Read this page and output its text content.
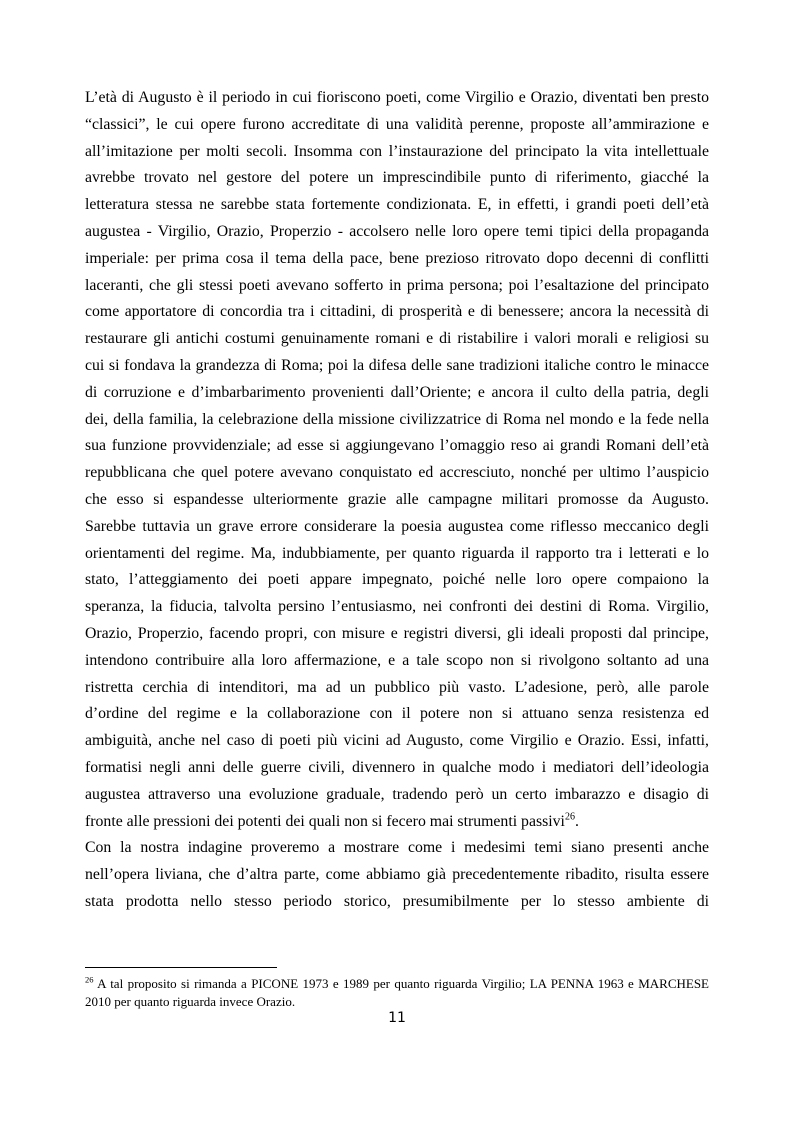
L’età di Augusto è il periodo in cui fioriscono poeti, come Virgilio e Orazio, diventati ben presto
“classici”, le cui opere furono accreditate di una validità perenne, proposte all’ammirazione e
all’imitazione per molti secoli. Insomma con l’instaurazione del principato la vita intellettuale
avrebbe trovato nel gestore del potere un imprescindibile punto di riferimento, giacché la
letteratura stessa ne sarebbe stata fortemente condizionata. E, in effetti, i grandi poeti dell’età
augustea - Virgilio, Orazio, Properzio - accolsero nelle loro opere temi tipici della propaganda
imperiale: per prima cosa il tema della pace, bene prezioso ritrovato dopo decenni di conflitti
laceranti, che gli stessi poeti avevano sofferto in prima persona; poi l’esaltazione del principato
come apportatore di concordia tra i cittadini, di prosperità e di benessere; ancora la necessità di
restaurare gli antichi costumi genuinamente romani e di ristabilire i valori morali e religiosi su
cui si fondava la grandezza di Roma; poi la difesa delle sane tradizioni italiche contro le minacce
di corruzione e d’imbarbarimento provenienti dall’Oriente; e ancora il culto della patria, degli
dei, della familia, la celebrazione della missione civilizzatrice di Roma nel mondo e la fede nella
sua funzione provvidenziale; ad esse si aggiungevano l’omaggio reso ai grandi Romani dell’età
repubblicana che quel potere avevano conquistato ed accresciuto, nonché per ultimo l’auspicio
che esso si espandesse ulteriormente grazie alle campagne militari promosse da Augusto.
Sarebbe tuttavia un grave errore considerare la poesia augustea come riflesso meccanico degli
orientamenti del regime. Ma, indubbiamente, per quanto riguarda il rapporto tra i letterati e lo
stato, l’atteggiamento dei poeti appare impegnato, poiché nelle loro opere compaiono la
speranza, la fiducia, talvolta persino l’entusiasmo, nei confronti dei destini di Roma. Virgilio,
Orazio, Properzio, facendo propri, con misure e registri diversi, gli ideali proposti dal principe,
intendono contribuire alla loro affermazione, e a tale scopo non si rivolgono soltanto ad una
ristretta cerchia di intenditori, ma ad un pubblico più vasto. L’adesione, però, alle parole
d’ordine del regime e la collaborazione con il potere non si attuano senza resistenza ed
ambiguità, anche nel caso di poeti più vicini ad Augusto, come Virgilio e Orazio. Essi, infatti,
formatisi negli anni delle guerre civili, divennero in qualche modo i mediatori dell’ideologia
augustea attraverso una evoluzione graduale, tradendo però un certo imbarazzo e disagio di
fronte alle pressioni dei potenti dei quali non si fecero mai strumenti passivi$^{26}$.
Con la nostra indagine proveremo a mostrare come i medesimi temi siano presenti anche
nell’opera liviana, che d’altra parte, come abbiamo già precedentemente ribadito, risulta essere
stata prodotta nello stesso periodo storico, presumibilmente per lo stesso ambiente di
$^{26}$ A tal proposito si rimanda a PICONE 1973 e 1989 per quanto riguarda Virgilio; LA PENNA 1963 e MARCHESE
2010 per quanto riguarda invece Orazio.
11
